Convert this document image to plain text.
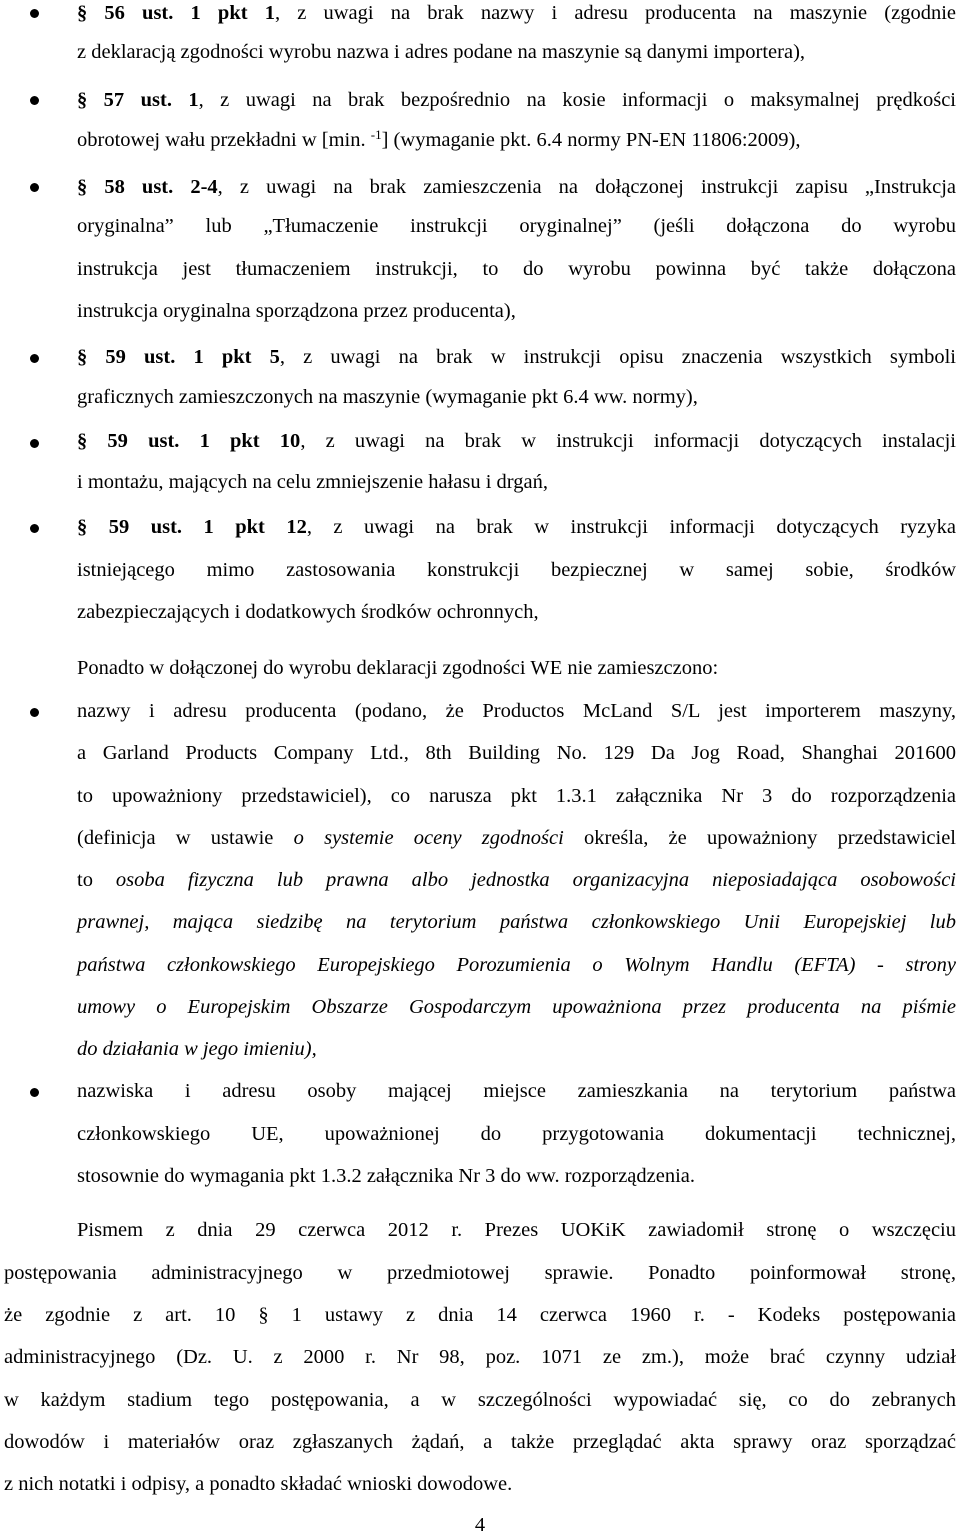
§ 56 ust. 1 pkt 1, z uwagi na brak nazwy i adresu producenta na maszynie (zgodnie
z deklaracją zgodności wyrobu nazwa i adres podane na maszynie są danymi importera),
§ 57 ust. 1, z uwagi na brak bezpośrednio na kosie informacji o maksymalnej prędkości
obrotowej wału przekładni w [min. $^{-1}$] (wymaganie pkt. 6.4 normy PN-EN 11806:2009),
§ 58 ust. 2-4, z uwagi na brak zamieszczenia na dołączonej instrukcji zapisu „Instrukcja
oryginalna” lub „Tłumaczenie instrukcji oryginalnej” (jeśli dołączona do wyrobu
instrukcja jest tłumaczeniem instrukcji, to do wyrobu powinna być także dołączona
instrukcja oryginalna sporządzona przez producenta),
§ 59 ust. 1 pkt 5, z uwagi na brak w instrukcji opisu znaczenia wszystkich symboli
graficznych zamieszczonych na maszynie (wymaganie pkt 6.4 ww. normy),
§ 59 ust. 1 pkt 10, z uwagi na brak w instrukcji informacji dotyczących instalacji
i montażu, mających na celu zmniejszenie hałasu i drgań,
§ 59 ust. 1 pkt 12, z uwagi na brak w instrukcji informacji dotyczących ryzyka
istniejącego mimo zastosowania konstrukcji bezpiecznej w samej sobie, środków
zabezpieczających i dodatkowych środków ochronnych,
Ponadto w dołączonej do wyrobu deklaracji zgodności WE nie zamieszczono:
nazwy i adresu producenta (podano, że Productos McLand S/L jest importerem maszyny,
a Garland Products Company Ltd., 8th Building No. 129 Da Jog Road, Shanghai 201600
to upoważniony przedstawiciel), co narusza pkt 1.3.1 załącznika Nr 3 do rozporządzenia
(definicja w ustawie o systemie oceny zgodności określa, że upoważniony przedstawiciel
to osoba fizyczna lub prawna albo jednostka organizacyjna nieposiadająca osobowości
prawnej, mająca siedzibę na terytorium państwa członkowskiego Unii Europejskiej lub
państwa członkowskiego Europejskiego Porozumienia o Wolnym Handlu (EFTA) - strony
umowy o Europejskim Obszarze Gospodarczym upoważniona przez producenta na piśmie
do działania w jego imieniu),
nazwiska i adresu osoby mającej miejsce zamieszkania na terytorium państwa
członkowskiego UE, upoważnionej do przygotowania dokumentacji technicznej,
stosownie do wymagania pkt 1.3.2 załącznika Nr 3 do ww. rozporządzenia.
Pismem z dnia 29 czerwca 2012 r. Prezes UOKiK zawiadomił stronę o wszczęciu
postępowania administracyjnego w przedmiotowej sprawie. Ponadto poinformował stronę,
że zgodnie z art. 10 § 1 ustawy z dnia 14 czerwca 1960 r. - Kodeks postępowania
administracyjnego (Dz. U. z 2000 r. Nr 98, poz. 1071 ze zm.), może brać czynny udział
w każdym stadium tego postępowania, a w szczególności wypowiadać się, co do zebranych
dowodów i materiałów oraz zgłaszanych żądań, a także przeglądać akta sprawy oraz sporządzać
z nich notatki i odpisy, a ponadto składać wnioski dowodowe.
4
